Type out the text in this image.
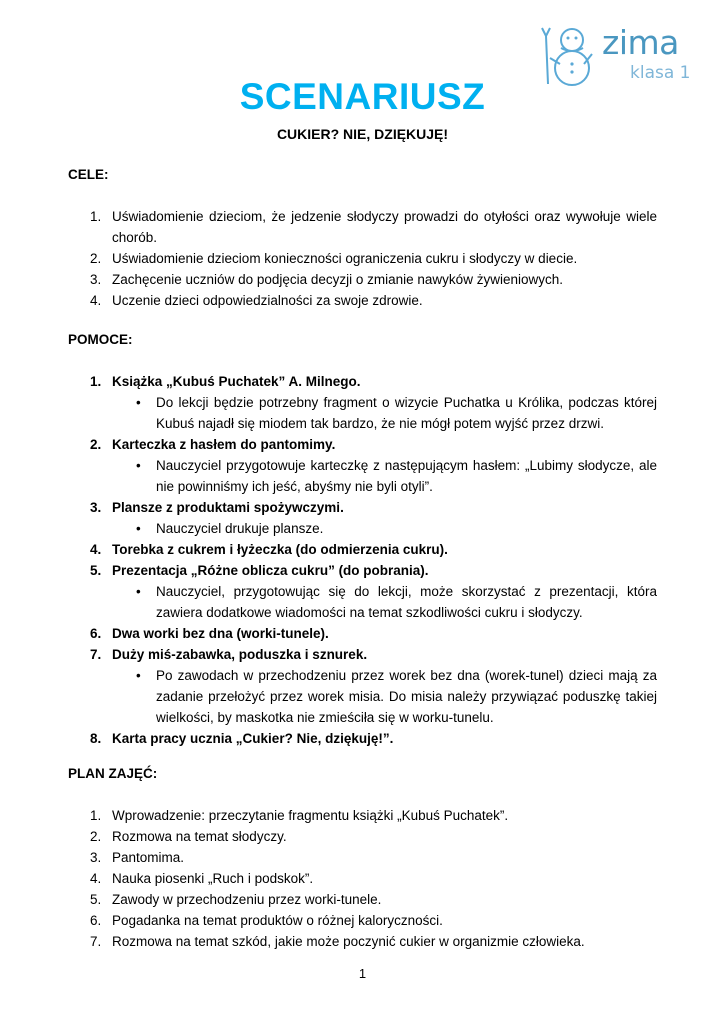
zima
klasa 1
SCENARIUSZ
CUKIER? NIE, DZIĘKUJĘ!
CELE:
1. Uświadomienie dzieciom, że jedzenie słodyczy prowadzi do otyłości oraz wywołuje wiele chorób.
2. Uświadomienie dzieciom konieczności ograniczenia cukru i słodyczy w diecie.
3. Zachęcenie uczniów do podjęcia decyzji o zmianie nawyków żywieniowych.
4. Uczenie dzieci odpowiedzialności za swoje zdrowie.
POMOCE:
1. Książka „Kubuś Puchatek” A. Milnego.
• Do lekcji będzie potrzebny fragment o wizycie Puchatka u Królika, podczas której Kubuś najadł się miodem tak bardzo, że nie mógł potem wyjść przez drzwi.
2. Karteczka z hasłem do pantomimy.
• Nauczyciel przygotowuje karteczkę z następującym hasłem: „Lubimy słodycze, ale nie powinniśmy ich jeść, abyśmy nie byli otyli”.
3. Plansze z produktami spożywczymi.
• Nauczyciel drukuje plansze.
4. Torebka z cukrem i łyżeczka (do odmierzenia cukru).
5. Prezentacja „Różne oblicza cukru” (do pobrania).
• Nauczyciel, przygotowując się do lekcji, może skorzystać z prezentacji, która zawiera dodatkowe wiadomości na temat szkodliwości cukru i słodyczy.
6. Dwa worki bez dna (worki-tunele).
7. Duży miś-zabawka, poduszka i sznurek.
• Po zawodach w przechodzeniu przez worek bez dna (worek-tunel) dzieci mają za zadanie przełożyć przez worek misia. Do misia należy przywiązać poduszkę takiej wielkości, by maskotka nie zmieściła się w worku-tunelu.
8. Karta pracy ucznia „Cukier? Nie, dziękuję!”.
PLAN ZAJĘĆ:
1. Wprowadzenie: przeczytanie fragmentu książki „Kubuś Puchatek”.
2. Rozmowa na temat słodyczy.
3. Pantomima.
4. Nauka piosenki „Ruch i podskok”.
5. Zawody w przechodzeniu przez worki-tunele.
6. Pogadanka na temat produktów o różnej kaloryczności.
7. Rozmowa na temat szkód, jakie może poczynić cukier w organizmie człowieka.
1
